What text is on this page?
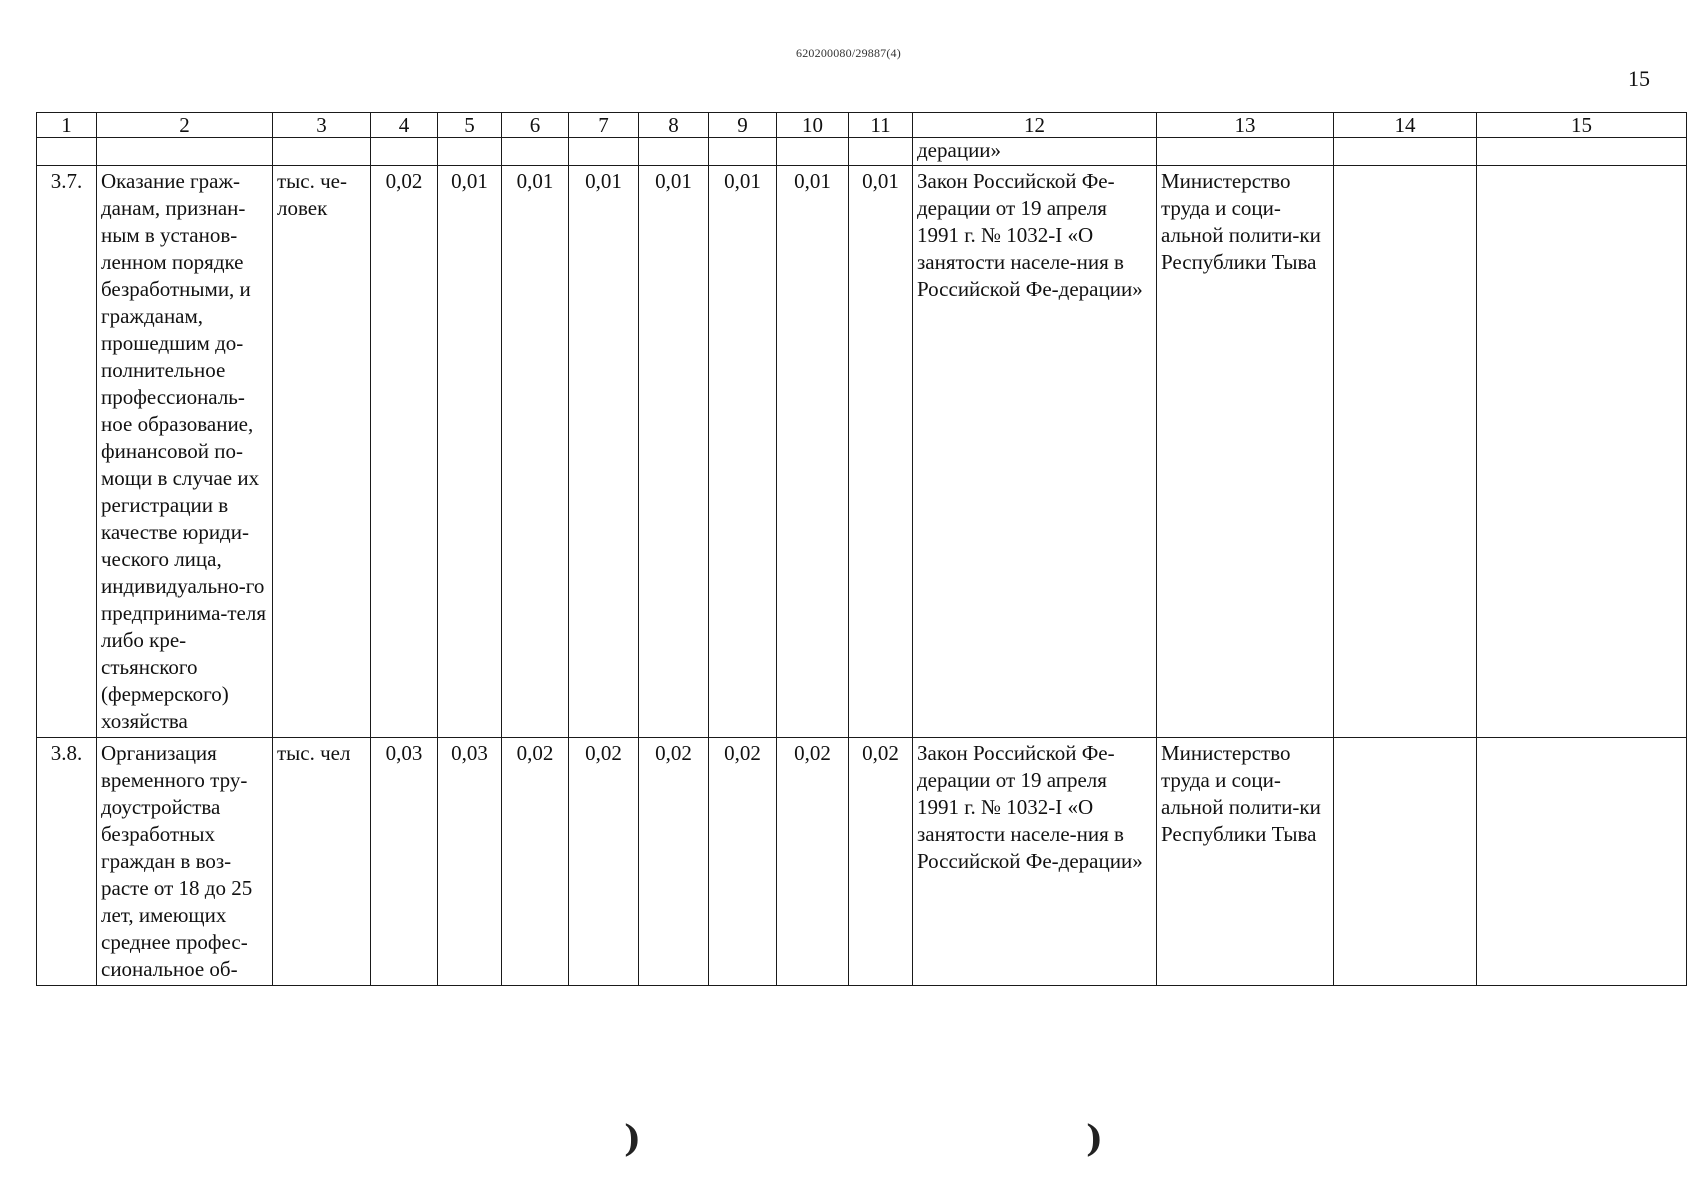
620200080/29887(4)
15
1	2	3	4	5	6	7	8	9	10	11	12	13	14	15
											дерации»			
3.7.	Оказание граж-данам, признан-ным в установ-ленном порядке безработными, и гражданам, прошедшим до-полнительное профессиональ-ное образование, финансовой по-мощи в случае их регистрации в качестве юриди-ческого лица, индивидуально-го предпринима-теля либо кре-стьянского (фермерского) хозяйства	тыс. че-ловек	0,02	0,01	0,01	0,01	0,01	0,01	0,01	0,01	Закон Российской Фе-дерации от 19 апреля 1991 г. № 1032-I «О занятости населе-ния в Российской Фе-дерации»	Министерство труда и соци-альной полити-ки Республики Тыва		
3.8.	Организация временного тру-доустройства безработных граждан в воз-расте от 18 до 25 лет, имеющих среднее профес-сиональное об-	тыс. чел	0,03	0,03	0,02	0,02	0,02	0,02	0,02	0,02	Закон Российской Фе-дерации от 19 апреля 1991 г. № 1032-I «О занятости населе-ния в Российской Фе-дерации»	Министерство труда и соци-альной полити-ки Республики Тыва		
)	)
